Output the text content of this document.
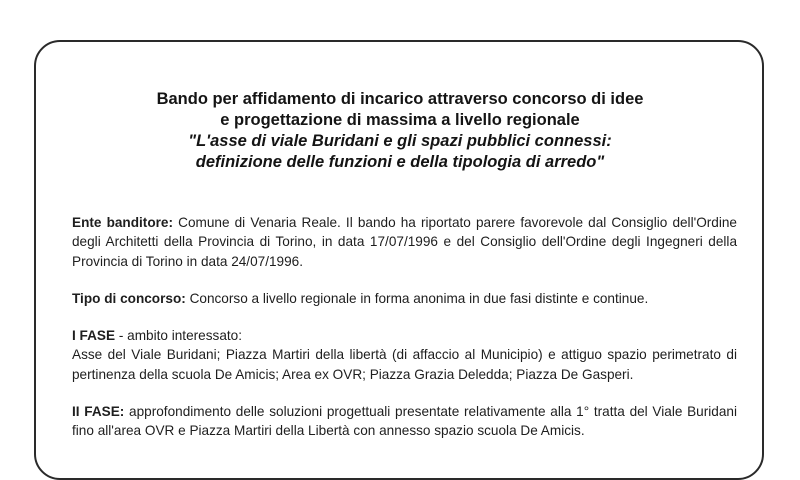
Bando per affidamento di incarico attraverso concorso di idee
e progettazione di massima a livello regionale
"L'asse di viale Buridani e gli spazi pubblici connessi:
definizione delle funzioni e della tipologia di arredo"

Ente banditore: Comune di Venaria Reale. Il bando ha riportato parere favorevole dal Consiglio dell'Ordine degli Architetti della Provincia di Torino, in data 17/07/1996 e del Consiglio dell'Ordine degli Ingegneri della Provincia di Torino in data 24/07/1996.

Tipo di concorso: Concorso a livello regionale in forma anonima in due fasi distinte e continue.

I FASE - ambito interessato:
Asse del Viale Buridani; Piazza Martiri della libertà (di affaccio al Municipio) e attiguo spazio perimetrato di pertinenza della scuola De Amicis; Area ex OVR; Piazza Grazia Deledda; Piazza De Gasperi.

II FASE: approfondimento delle soluzioni progettuali presentate relativamente alla 1° tratta del Viale Buridani fino all'area OVR e Piazza Martiri della Libertà con annesso spazio scuola De Amicis.
